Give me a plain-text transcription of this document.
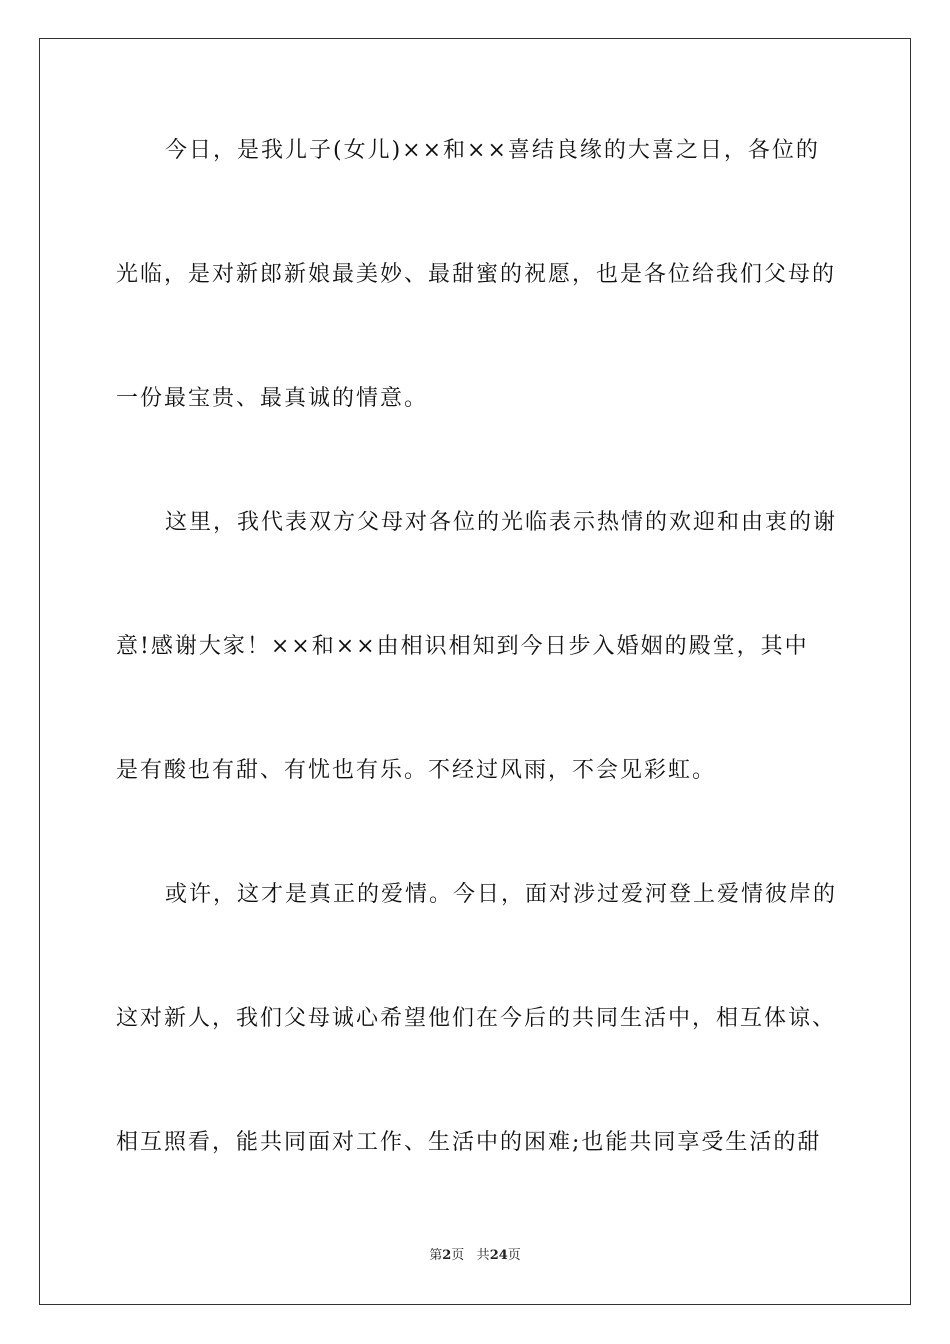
今日，是我儿子(女儿)××和××喜结良缘的大喜之日，各位的
光临，是对新郎新娘最美妙、最甜蜜的祝愿，也是各位给我们父母的
一份最宝贵、最真诚的情意。
这里，我代表双方父母对各位的光临表示热情的欢迎和由衷的谢
意!感谢大家！××和××由相识相知到今日步入婚姻的殿堂，其中
是有酸也有甜、有忧也有乐。不经过风雨，不会见彩虹。
或许，这才是真正的爱情。今日，面对涉过爱河登上爱情彼岸的
这对新人，我们父母诚心希望他们在今后的共同生活中，相互体谅、
相互照看，能共同面对工作、生活中的困难;也能共同享受生活的甜
第2页 共24页
